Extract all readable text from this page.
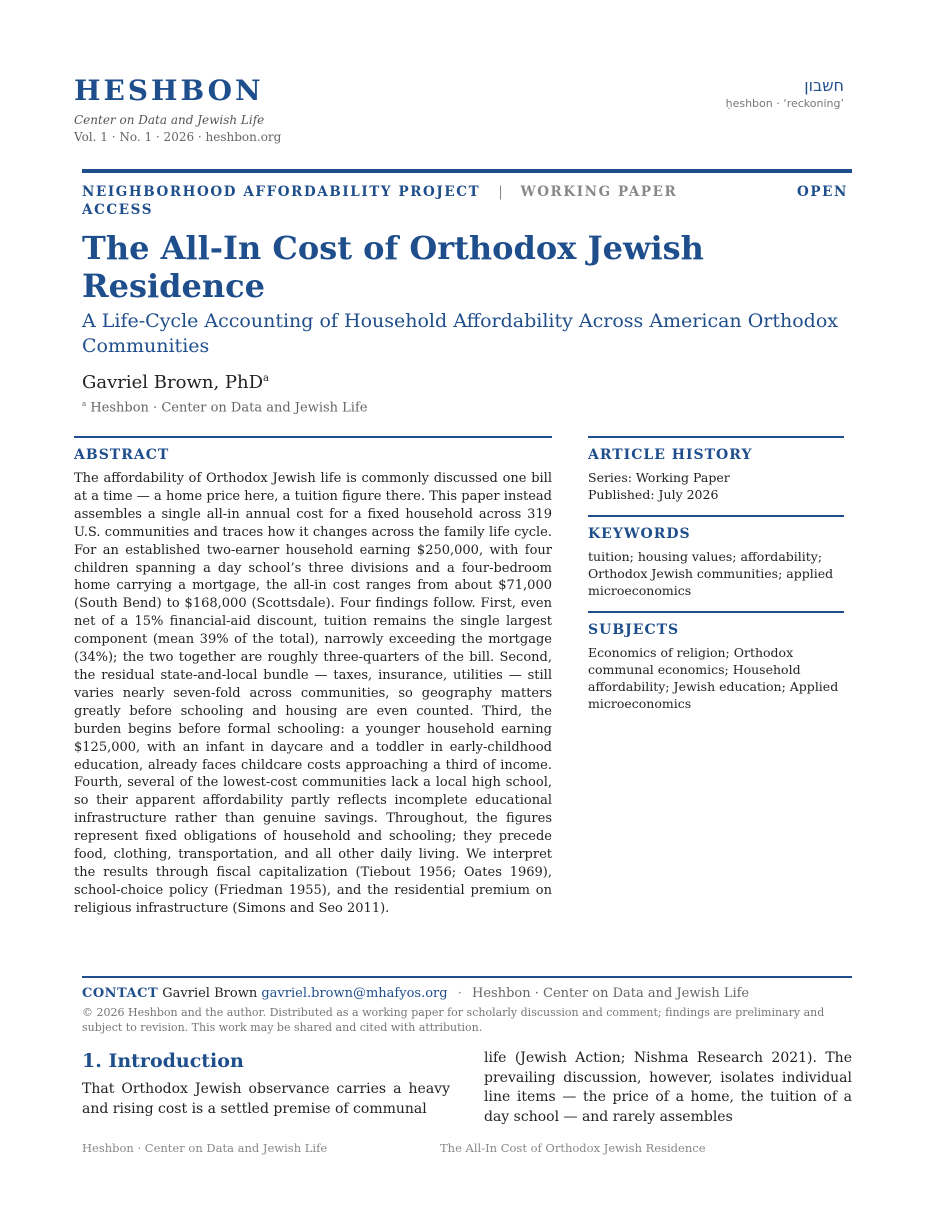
HESHBON
Center on Data and Jewish Life
Vol. 1 · No. 1 · 2026 · heshbon.org
חשבון
ḥeshbon · ‘reckoning’
NEIGHBORHOOD AFFORDABILITY PROJECT | WORKING PAPER	OPEN

ACCESS
The All-In Cost of Orthodox Jewish Residence
A Life-Cycle Accounting of Household Affordability Across American Orthodox Communities
Gavriel Brown, PhD$^a$
$^a$ Heshbon · Center on Data and Jewish Life
ABSTRACT
The affordability of Orthodox Jewish life is commonly discussed one bill at a time — a home price here, a tuition figure there. This paper instead assembles a single all-in annual cost for a fixed household across 319 U.S. communities and traces how it changes across the family life cycle. For an established two-earner household earning $250,000, with four children spanning a day school’s three divisions and a four-bedroom home carrying a mortgage, the all-in cost ranges from about $71,000 (South Bend) to $168,000 (Scottsdale). Four findings follow. First, even net of a 15% financial-aid discount, tuition remains the single largest component (mean 39% of the total), narrowly exceeding the mortgage (34%); the two together are roughly three-quarters of the bill. Second, the residual state-and-local bundle — taxes, insurance, utilities — still varies nearly seven-fold across communities, so geography matters greatly before schooling and housing are even counted. Third, the burden begins before formal schooling: a younger household earning $125,000, with an infant in daycare and a toddler in early-childhood education, already faces childcare costs approaching a third of income. Fourth, several of the lowest-cost communities lack a local high school, so their apparent affordability partly reflects incomplete educational infrastructure rather than genuine savings. Throughout, the figures represent fixed obligations of household and schooling; they precede food, clothing, transportation, and all other daily living. We interpret the results through fiscal capitalization (Tiebout 1956; Oates 1969), school-choice policy (Friedman 1955), and the residential premium on religious infrastructure (Simons and Seo 2011).
ARTICLE HISTORY
Series: Working Paper
Published: July 2026
KEYWORDS
tuition; housing values; affordability; Orthodox Jewish communities; applied microeconomics
SUBJECTS
Economics of religion; Orthodox communal economics; Household affordability; Jewish education; Applied microeconomics
CONTACT Gavriel Brown gavriel.brown@mhafyos.org · Heshbon · Center on Data and Jewish Life
© 2026 Heshbon and the author. Distributed as a working paper for scholarly discussion and comment; findings are preliminary and subject to revision. This work may be shared and cited with attribution.
1. Introduction
That Orthodox Jewish observance carries a heavy and rising cost is a settled premise of communal
life (Jewish Action; Nishma Research 2021). The prevailing discussion, however, isolates individual line items — the price of a home, the tuition of a day school — and rarely assembles
Heshbon · Center on Data and Jewish Life	The All-In Cost of Orthodox Jewish Residence
